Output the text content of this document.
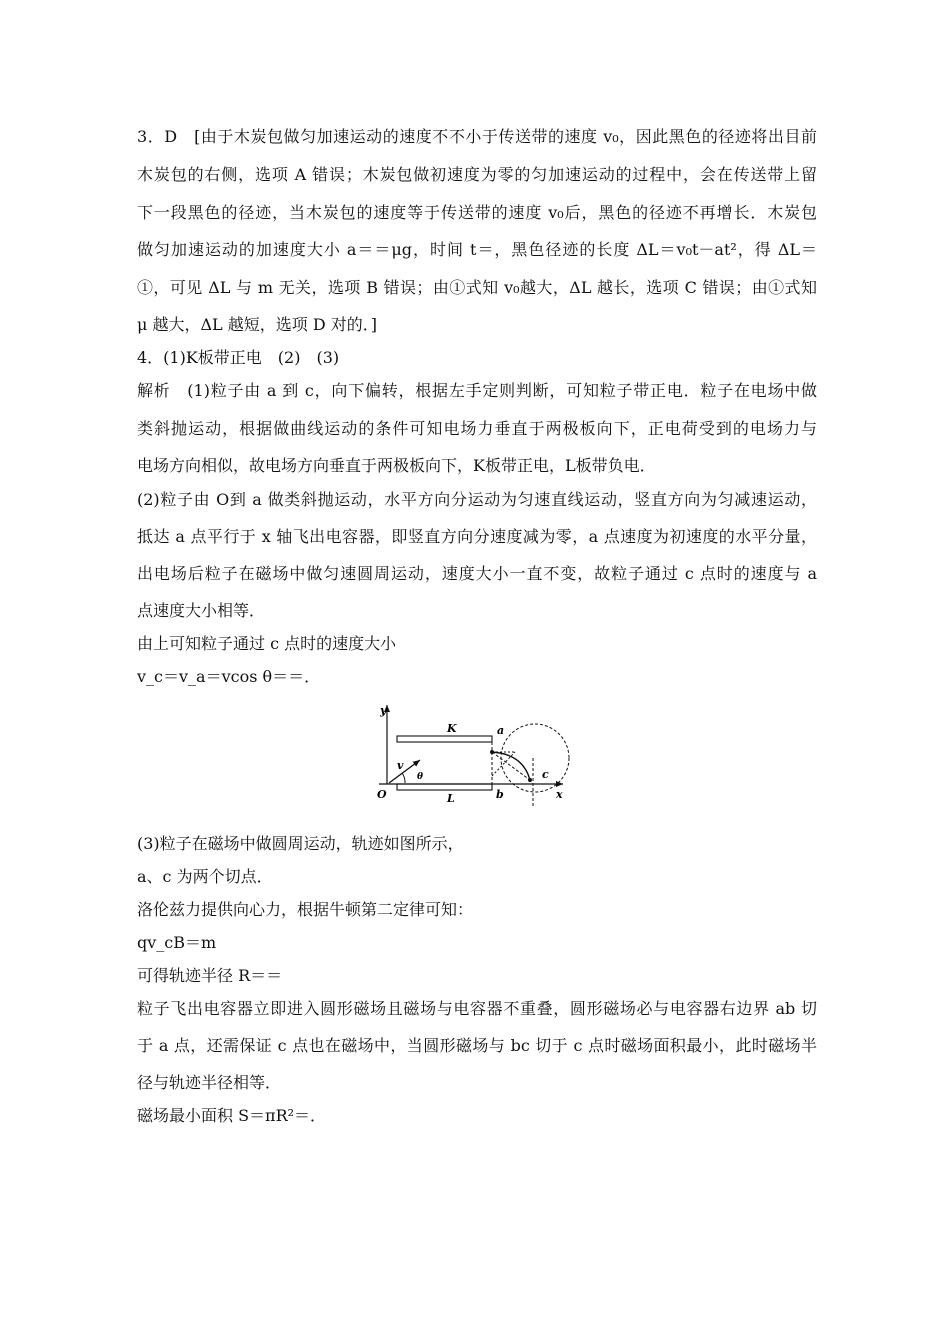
3．D　[由于木炭包做匀加速运动的速度不不小于传送带的速度 v₀，因此黑色的径迹将出目前
木炭包的右侧，选项 A 错误；木炭包做初速度为零的匀加速运动的过程中，会在传送带上留
下一段黑色的径迹，当木炭包的速度等于传送带的速度 v₀后，黑色的径迹不再增长．木炭包
做匀加速运动的加速度大小 a＝＝μg，时间 t＝，黑色径迹的长度 ΔL＝v₀t－at²，得 ΔL＝
①，可见 ΔL 与 m 无关，选项 B 错误；由①式知 v₀越大，ΔL 越长，选项 C 错误；由①式知
μ 越大，ΔL 越短，选项 D 对的．]
4．(1)K板带正电　(2)　(3)
解析　(1)粒子由 a 到 c，向下偏转，根据左手定则判断，可知粒子带正电．粒子在电场中做
类斜抛运动，根据做曲线运动的条件可知电场力垂直于两极板向下，正电荷受到的电场力与
电场方向相似，故电场方向垂直于两极板向下，K板带正电，L板带负电．
(2)粒子由 O到 a 做类斜抛运动，水平方向分运动为匀速直线运动，竖直方向为匀减速运动，
抵达 a 点平行于 x 轴飞出电容器，即竖直方向分速度减为零，a 点速度为初速度的水平分量，
出电场后粒子在磁场中做匀速圆周运动，速度大小一直不变，故粒子通过 c 点时的速度与 a
点速度大小相等．
由上可知粒子通过 c 点时的速度大小
v_c＝v_a＝vcos θ＝＝．
y
x
O
K
L
a
b
c
v
θ
(3)粒子在磁场中做圆周运动，轨迹如图所示，
a、c 为两个切点．
洛伦兹力提供向心力，根据牛顿第二定律可知：
qv_cB＝m
可得轨迹半径 R＝＝
粒子飞出电容器立即进入圆形磁场且磁场与电容器不重叠，圆形磁场必与电容器右边界 ab 切
于 a 点，还需保证 c 点也在磁场中，当圆形磁场与 bc 切于 c 点时磁场面积最小，此时磁场半
径与轨迹半径相等．
磁场最小面积 S＝πR²＝．
